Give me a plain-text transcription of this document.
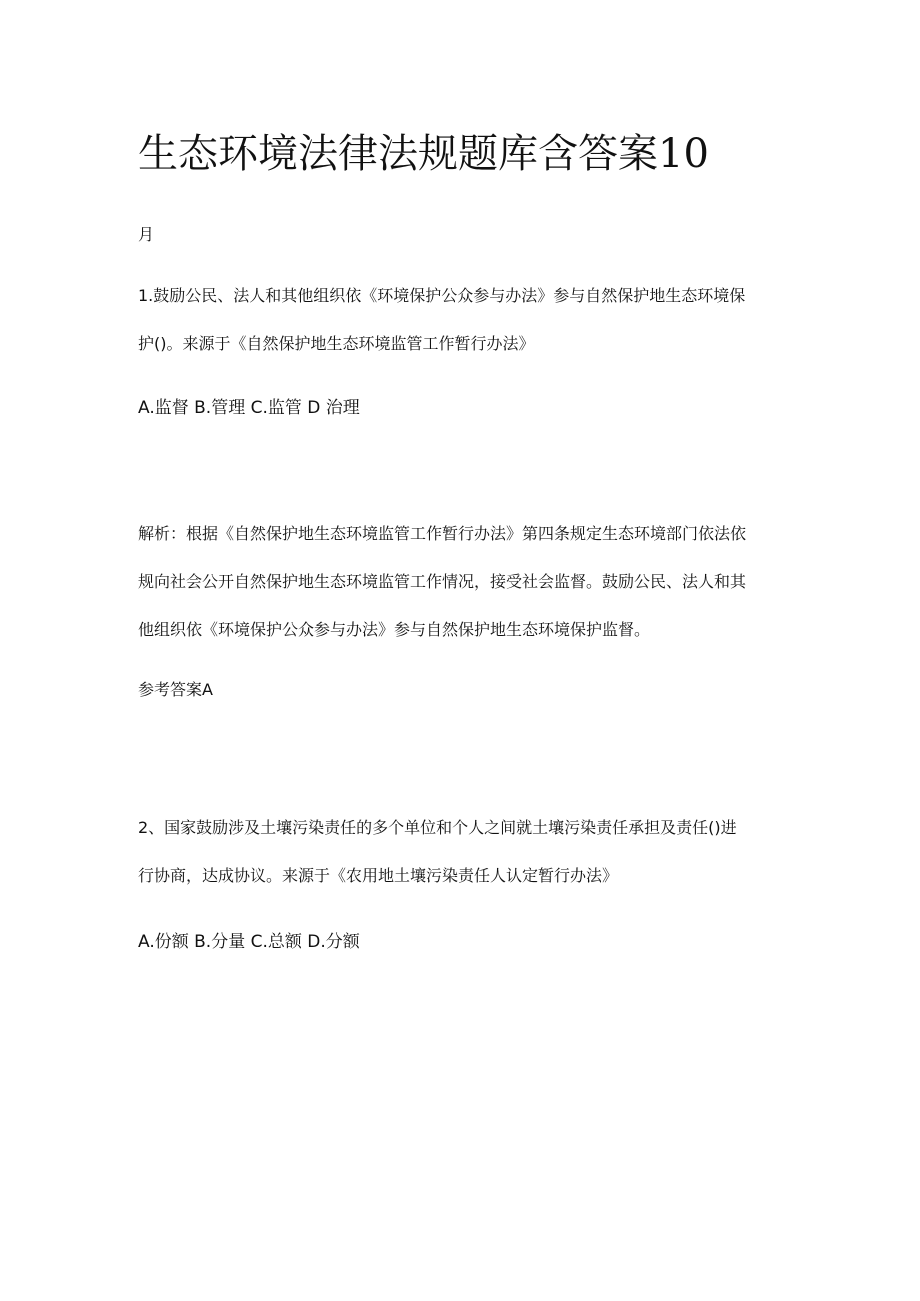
生态环境法律法规题库含答案10
月
1.鼓励公民、法人和其他组织依《环境保护公众参与办法》参与自然保护地生态环境保
护()。来源于《自然保护地生态环境监管工作暂行办法》
A.监督 B.管理 C.监管 D 治理
解析：根据《自然保护地生态环境监管工作暂行办法》第四条规定生态环境部门依法依
规向社会公开自然保护地生态环境监管工作情况，接受社会监督。鼓励公民、法人和其
他组织依《环境保护公众参与办法》参与自然保护地生态环境保护监督。
参考答案A
2、国家鼓励涉及土壤污染责任的多个单位和个人之间就土壤污染责任承担及责任()进
行协商，达成协议。来源于《农用地土壤污染责任人认定暂行办法》
A.份额 B.分量 C.总额 D.分额
